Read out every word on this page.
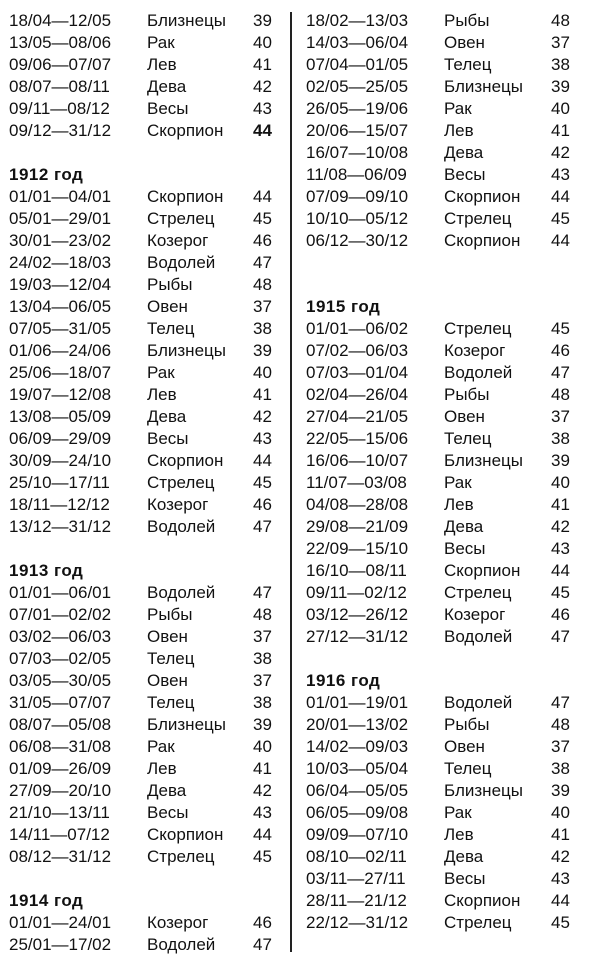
18/04—12/05 Близнецы 39
13/05—08/06 Рак	40
09/06—07/07 Лев	41
08/07—08/11 Дева	42
09/11—08/12 Весы	43
09/12—31/12 Скорпион 44
1912 год
01/01—04/01 Скорпион 44
05/01—29/01 Стрелец 45
30/01—23/02 Козерог	46
24/02—18/03 Водолей 47
19/03—12/04 Рыбы	48
13/04—06/05 Овен	37
07/05—31/05 Телец	38
01/06—24/06 Близнецы 39
25/06—18/07 Рак	40
19/07—12/08 Лев	41
13/08—05/09 Дева	42
06/09—29/09 Весы	43
30/09—24/10 Скорпион 44
25/10—17/11 Стрелец 45
18/11—12/12 Козерог	46
13/12—31/12 Водолей 47
1913 год
01/01—06/01 Водолей 47
07/01—02/02 Рыбы	48
03/02—06/03 Овен	37
07/03—02/05 Телец	38
03/05—30/05 Овен	37
31/05—07/07 Телец	38
08/07—05/08 Близнецы 39
06/08—31/08 Рак	40
01/09—26/09 Лев	41
27/09—20/10 Дева	42
21/10—13/11 Весы	43
14/11—07/12 Скорпион 44
08/12—31/12 Стрелец 45
1914 год
01/01—24/01 Козерог	46
25/01—17/02 Водолей 47
18/02—13/03 Рыбы	48
14/03—06/04 Овен	37
07/04—01/05 Телец	38
02/05—25/05 Близнецы 39
26/05—19/06 Рак	40
20/06—15/07 Лев	41
16/07—10/08 Дева	42
11/08—06/09 Весы	43
07/09—09/10 Скорпион 44
10/10—05/12 Стрелец 45
06/12—30/12 Скорпион 44
1915 год
01/01—06/02 Стрелец 45
07/02—06/03 Козерог	46
07/03—01/04 Водолей 47
02/04—26/04 Рыбы	48
27/04—21/05 Овен	37
22/05—15/06 Телец	38
16/06—10/07 Близнецы 39
11/07—03/08 Рак	40
04/08—28/08 Лев	41
29/08—21/09 Дева	42
22/09—15/10 Весы	43
16/10—08/11 Скорпион 44
09/11—02/12 Стрелец 45
03/12—26/12 Козерог	46
27/12—31/12 Водолей 47
1916 год
01/01—19/01 Водолей 47
20/01—13/02 Рыбы	48
14/02—09/03 Овен	37
10/03—05/04 Телец	38
06/04—05/05 Близнецы 39
06/05—09/08 Рак	40
09/09—07/10 Лев	41
08/10—02/11 Дева	42
03/11—27/11 Весы	43
28/11—21/12 Скорпион 44
22/12—31/12 Стрелец 45
